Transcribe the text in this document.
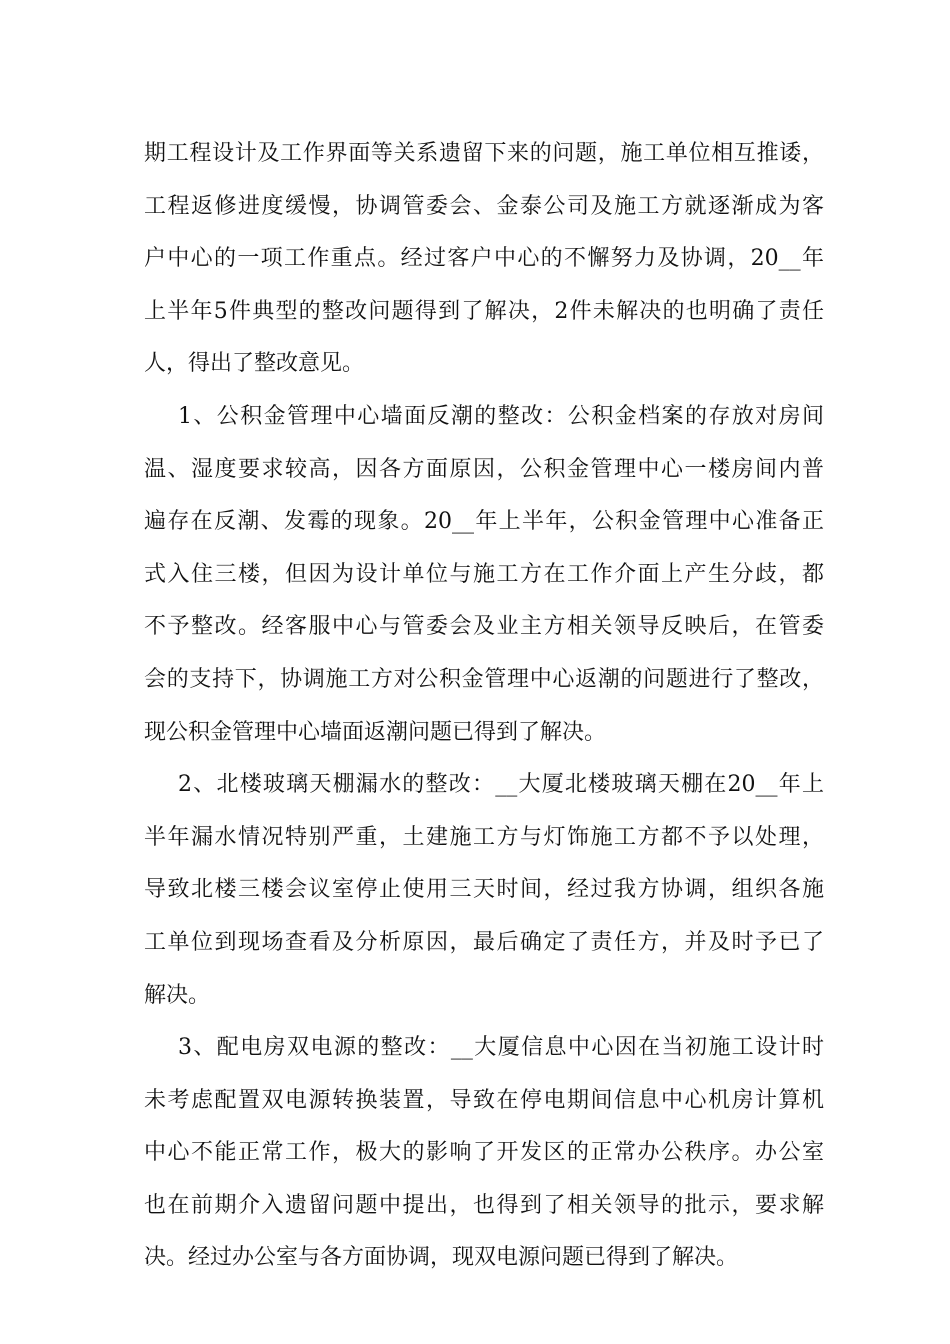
期工程设计及工作界面等关系遗留下来的问题，施工单位相互推诿，
工程返修进度缓慢，协调管委会、金泰公司及施工方就逐渐成为客
户中心的一项工作重点。经过客户中心的不懈努力及协调，20__年
上半年5件典型的整改问题得到了解决，2件未解决的也明确了责任
人，得出了整改意见。
1、公积金管理中心墙面反潮的整改：公积金档案的存放对房间
温、湿度要求较高，因各方面原因，公积金管理中心一楼房间内普
遍存在反潮、发霉的现象。20__年上半年，公积金管理中心准备正
式入住三楼，但因为设计单位与施工方在工作介面上产生分歧，都
不予整改。经客服中心与管委会及业主方相关领导反映后，在管委
会的支持下，协调施工方对公积金管理中心返潮的问题进行了整改，
现公积金管理中心墙面返潮问题已得到了解决。
2、北楼玻璃天棚漏水的整改：__大厦北楼玻璃天棚在20__年上
半年漏水情况特别严重，土建施工方与灯饰施工方都不予以处理，
导致北楼三楼会议室停止使用三天时间，经过我方协调，组织各施
工单位到现场查看及分析原因，最后确定了责任方，并及时予已了
解决。
3、配电房双电源的整改：__大厦信息中心因在当初施工设计时
未考虑配置双电源转换装置，导致在停电期间信息中心机房计算机
中心不能正常工作，极大的影响了开发区的正常办公秩序。办公室
也在前期介入遗留问题中提出，也得到了相关领导的批示，要求解
决。经过办公室与各方面协调，现双电源问题已得到了解决。
